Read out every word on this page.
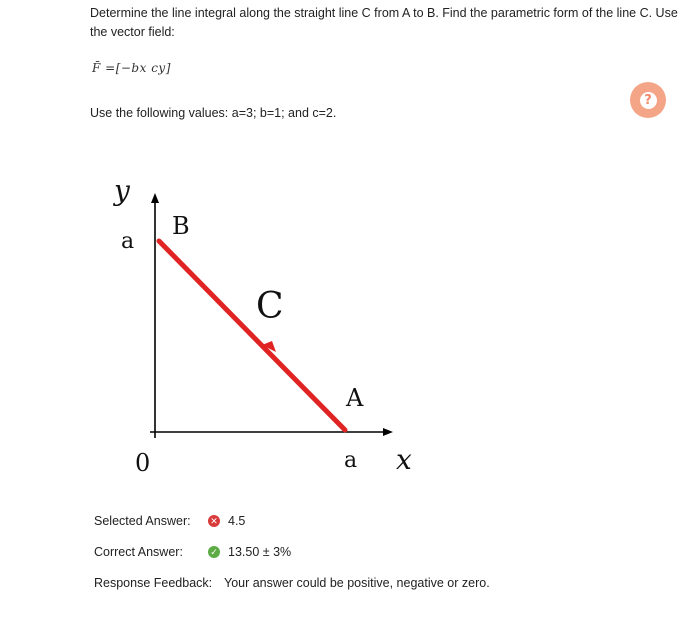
Determine the line integral along the straight line C from A to B. Find the parametric form of the line C. Use the vector field:
F̄ =[−bx cy]
Use the following values: a=3; b=1; and c=2.
?
y
a
B
C
A
0	a x
Selected Answer:	✕ 4.5
Correct Answer:	✓ 13.50 ± 3%
Response Feedback: Your answer could be positive, negative or zero.
